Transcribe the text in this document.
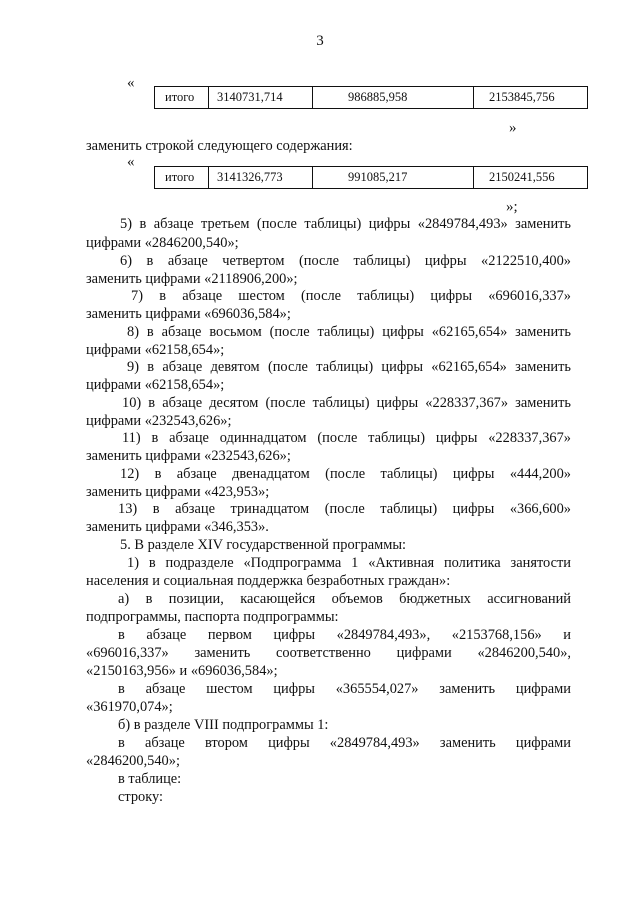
3
«
итого	3140731,714	986885,958	2153845,756
»
заменить строкой следующего содержания:
«
итого	3141326,773	991085,217	2150241,556
»;
5) в абзаце третьем (после таблицы) цифры «2849784,493» заменить
цифрами «2846200,540»;
6) в абзаце четвертом (после таблицы) цифры «2122510,400»
заменить цифрами «2118906,200»;
7) в абзаце шестом (после таблицы) цифры «696016,337»
заменить цифрами «696036,584»;
8) в абзаце восьмом (после таблицы) цифры «62165,654» заменить
цифрами «62158,654»;
9) в абзаце девятом (после таблицы) цифры «62165,654» заменить
цифрами «62158,654»;
10) в абзаце десятом (после таблицы) цифры «228337,367» заменить
цифрами «232543,626»;
11) в абзаце одиннадцатом (после таблицы) цифры «228337,367»
заменить цифрами «232543,626»;
12) в абзаце двенадцатом (после таблицы) цифры «444,200»
заменить цифрами «423,953»;
13) в абзаце тринадцатом (после таблицы) цифры «366,600»
заменить цифрами «346,353».
5. В разделе XIV государственной программы:
1) в подразделе «Подпрограмма 1 «Активная политика занятости
населения и социальная поддержка безработных граждан»:
а) в позиции, касающейся объемов бюджетных ассигнований
подпрограммы, паспорта подпрограммы:
в абзаце первом цифры «2849784,493», «2153768,156» и
«696016,337» заменить соответственно цифрами «2846200,540»,
«2150163,956» и «696036,584»;
в абзаце шестом цифры «365554,027» заменить цифрами
«361970,074»;
б) в разделе VIII подпрограммы 1:
в абзаце втором цифры «2849784,493» заменить цифрами
«2846200,540»;
в таблице:
строку:
